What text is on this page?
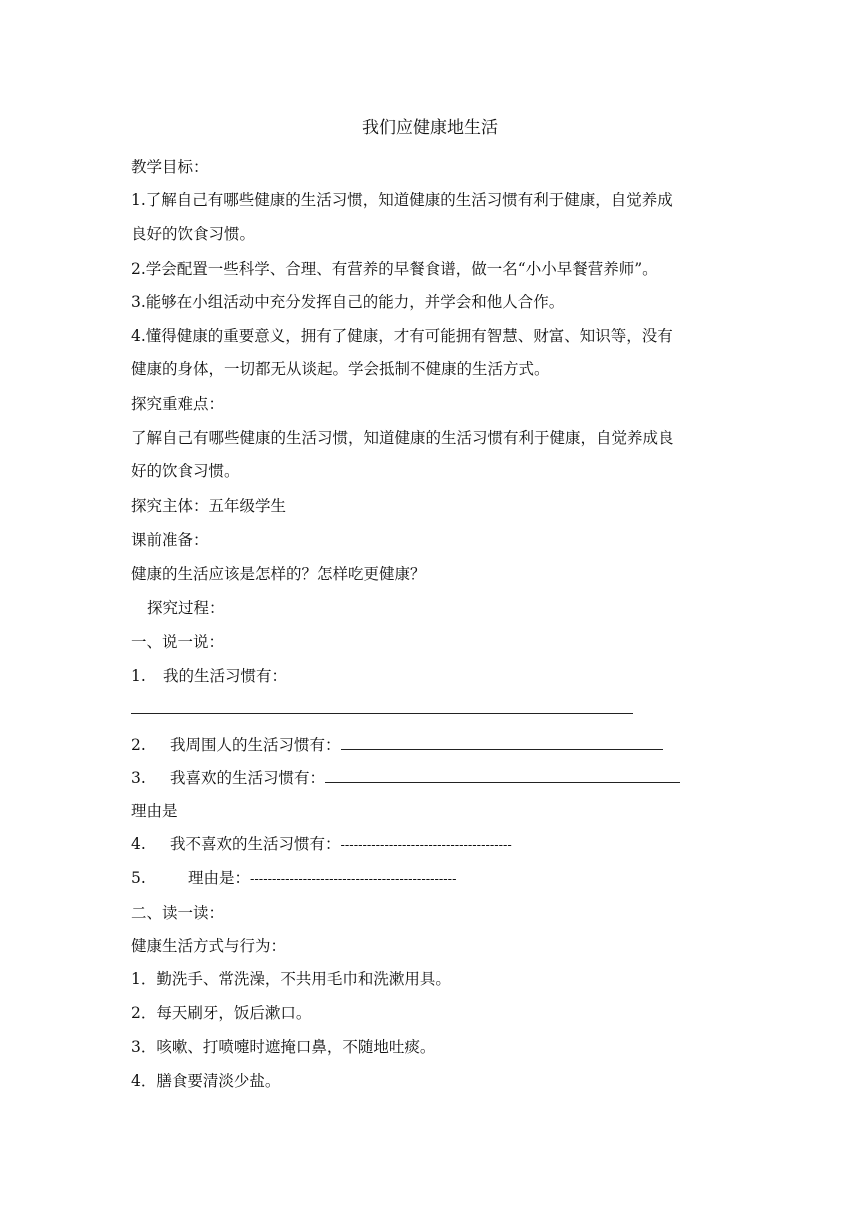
我们应健康地生活
教学目标：
1.了解自己有哪些健康的生活习惯，知道健康的生活习惯有利于健康，自觉养成
良好的饮食习惯。
2.学会配置一些科学、合理、有营养的早餐食谱，做一名“小小早餐营养师”。
3.能够在小组活动中充分发挥自己的能力，并学会和他人合作。
4.懂得健康的重要意义，拥有了健康，才有可能拥有智慧、财富、知识等，没有
健康的身体，一切都无从谈起。学会抵制不健康的生活方式。
探究重难点：
了解自己有哪些健康的生活习惯，知道健康的生活习惯有利于健康，自觉养成良
好的饮食习惯。
探究主体：五年级学生
课前准备：
健康的生活应该是怎样的？怎样吃更健康？
探究过程：
一、说一说：
1. 我的生活习惯有：
2. 我周围人的生活习惯有：
3. 我喜欢的生活习惯有：
理由是
4. 我不喜欢的生活习惯有：---------------------------------------
5.	理由是：-----------------------------------------------
二、读一读：
健康生活方式与行为：
1．勤洗手、常洗澡，不共用毛巾和洗漱用具。
2．每天刷牙，饭后漱口。
3．咳嗽、打喷嚏时遮掩口鼻，不随地吐痰。
4．膳食要清淡少盐。
